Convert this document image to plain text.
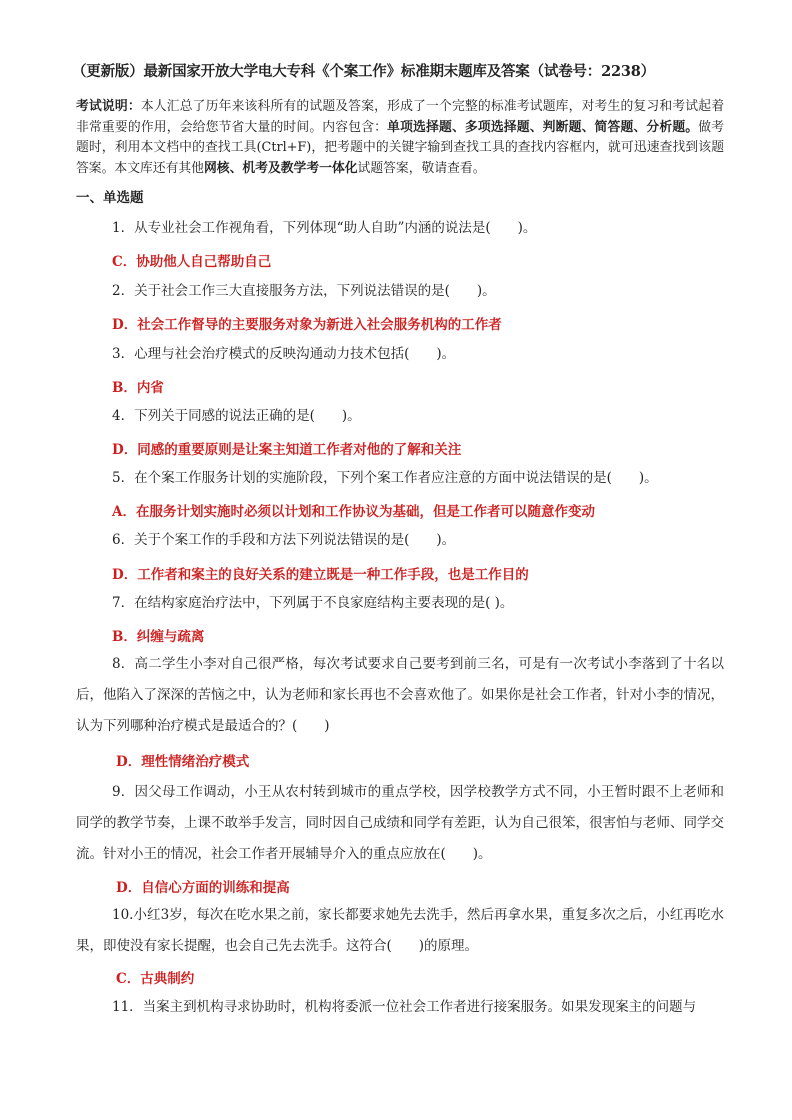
（更新版）最新国家开放大学电大专科《个案工作》标准期末题库及答案（试卷号：2238）
考试说明：本人汇总了历年来该科所有的试题及答案，形成了一个完整的标准考试题库，对考生的复习和考试起着非常重要的作用，会给您节省大量的时间。内容包含：单项选择题、多项选择题、判断题、简答题、分析题。做考题时，利用本文档中的查找工具(Ctrl+F)，把考题中的关键字输到查找工具的查找内容框内，就可迅速查找到该题答案。本文库还有其他网核、机考及教学考一体化试题答案，敬请查看。
一、单选题
1．从专业社会工作视角看，下列体现“助人自助”内涵的说法是(　　)。
C．协助他人自己帮助自己
2．关于社会工作三大直接服务方法，下列说法错误的是(　　)。
D．社会工作督导的主要服务对象为新进入社会服务机构的工作者
3．心理与社会治疗模式的反映沟通动力技术包括(　　)。
B．内省
4．下列关于同感的说法正确的是(　　)。
D．同感的重要原则是让案主知道工作者对他的了解和关注
5．在个案工作服务计划的实施阶段，下列个案工作者应注意的方面中说法错误的是(　　)。
A．在服务计划实施时必须以计划和工作协议为基础，但是工作者可以随意作变动
6．关于个案工作的手段和方法下列说法错误的是(　　)。
D．工作者和案主的良好关系的建立既是一种工作手段，也是工作目的
7．在结构家庭治疗法中，下列属于不良家庭结构主要表现的是( )。
B．纠缠与疏离
8．高二学生小李对自己很严格，每次考试要求自己要考到前三名，可是有一次考试小李落到了十名以后，他陷入了深深的苦恼之中，认为老师和家长再也不会喜欢他了。如果你是社会工作者，针对小李的情况，认为下列哪种治疗模式是最适合的？(　　)
D．理性情绪治疗模式
9．因父母工作调动，小王从农村转到城市的重点学校，因学校教学方式不同，小王暂时跟不上老师和同学的教学节奏，上课不敢举手发言，同时因自己成绩和同学有差距，认为自己很笨，很害怕与老师、同学交流。针对小王的情况，社会工作者开展辅导介入的重点应放在(　　)。
D．自信心方面的训练和提高
10.小红3岁，每次在吃水果之前，家长都要求她先去洗手，然后再拿水果，重复多次之后，小红再吃水果，即使没有家长提醒，也会自己先去洗手。这符合(　　)的原理。
C．古典制约
11．当案主到机构寻求协助时，机构将委派一位社会工作者进行接案服务。如果发现案主的问题与
